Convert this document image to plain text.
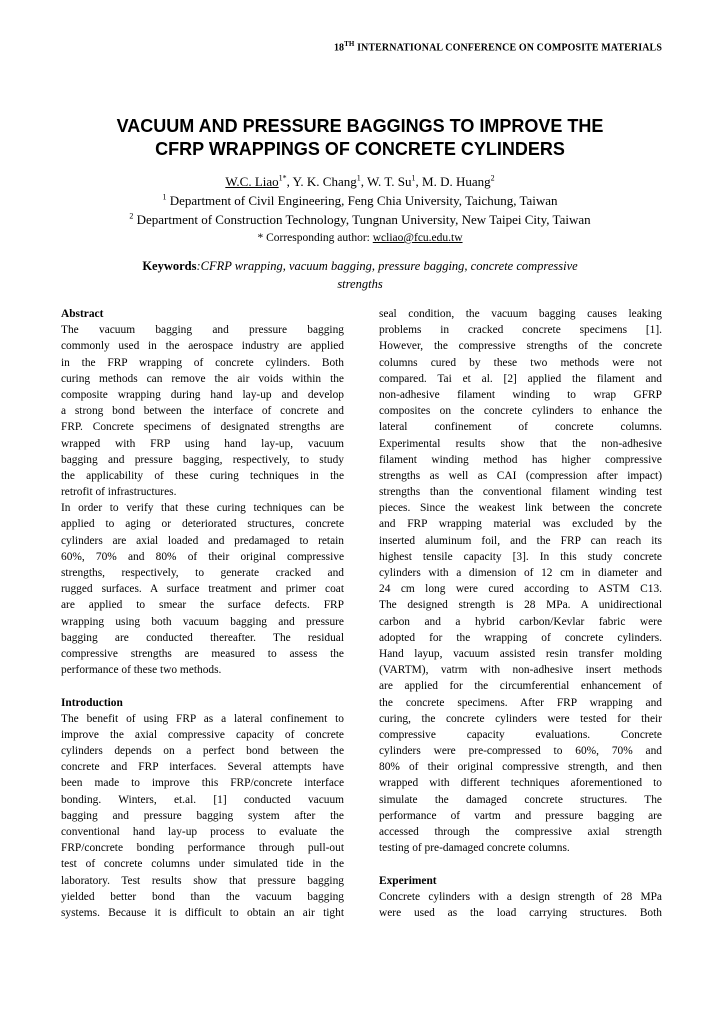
18TH INTERNATIONAL CONFERENCE ON COMPOSITE MATERIALS
VACUUM AND PRESSURE BAGGINGS TO IMPROVE THE
CFRP WRAPPINGS OF CONCRETE CYLINDERS
W.C. Liao$^{1*}$, Y. K. Chang$^1$, W. T. Su$^1$, M. D. Huang$^2$
$^1$ Department of Civil Engineering, Feng Chia University, Taichung, Taiwan
$^2$ Department of Construction Technology, Tungnan University, New Taipei City, Taiwan
* Corresponding author: wcliao@fcu.edu.tw
Keywords:CFRP wrapping, vacuum bagging, pressure bagging, concrete compressive
strengths
Abstract
The vacuum bagging and pressure bagging
commonly used in the aerospace industry are applied
in the FRP wrapping of concrete cylinders. Both
curing methods can remove the air voids within the
composite wrapping during hand lay-up and develop
a strong bond between the interface of concrete and
FRP. Concrete specimens of designated strengths are
wrapped with FRP using hand lay-up, vacuum
bagging and pressure bagging, respectively, to study
the applicability of these curing techniques in the
retrofit of infrastructures.
In order to verify that these curing techniques can be
applied to aging or deteriorated structures, concrete
cylinders are axial loaded and predamaged to retain
60%, 70% and 80% of their original compressive
strengths, respectively, to generate cracked and
rugged surfaces. A surface treatment and primer coat
are applied to smear the surface defects. FRP
wrapping using both vacuum bagging and pressure
bagging are conducted thereafter. The residual
compressive strengths are measured to assess the
performance of these two methods.
Introduction
The benefit of using FRP as a lateral confinement to
improve the axial compressive capacity of concrete
cylinders depends on a perfect bond between the
concrete and FRP interfaces. Several attempts have
been made to improve this FRP/concrete interface
bonding. Winters, et.al. [1] conducted vacuum
bagging and pressure bagging system after the
conventional hand lay-up process to evaluate the
FRP/concrete bonding performance through pull-out
test of concrete columns under simulated tide in the
laboratory. Test results show that pressure bagging
yielded better bond than the vacuum bagging
systems. Because it is difficult to obtain an air tight
seal condition, the vacuum bagging causes leaking
problems in cracked concrete specimens [1].
However, the compressive strengths of the concrete
columns cured by these two methods were not
compared. Tai et al. [2] applied the filament and
non-adhesive filament winding to wrap GFRP
composites on the concrete cylinders to enhance the
lateral confinement of concrete columns.
Experimental results show that the non-adhesive
filament winding method has higher compressive
strengths as well as CAI (compression after impact)
strengths than the conventional filament winding test
pieces. Since the weakest link between the concrete
and FRP wrapping material was excluded by the
inserted aluminum foil, and the FRP can reach its
highest tensile capacity [3]. In this study concrete
cylinders with a dimension of 12 cm in diameter and
24 cm long were cured according to ASTM C13.
The designed strength is 28 MPa. A unidirectional
carbon and a hybrid carbon/Kevlar fabric were
adopted for the wrapping of concrete cylinders.
Hand layup, vacuum assisted resin transfer molding
(VARTM), vatrm with non-adhesive insert methods
are applied for the circumferential enhancement of
the concrete specimens. After FRP wrapping and
curing, the concrete cylinders were tested for their
compressive capacity evaluations. Concrete
cylinders were pre-compressed to 60%, 70% and
80% of their original compressive strength, and then
wrapped with different techniques aforementioned to
simulate the damaged concrete structures. The
performance of vartm and pressure bagging are
accessed through the compressive axial strength
testing of pre-damaged concrete columns.
Experiment
Concrete cylinders with a design strength of 28 MPa
were used as the load carrying structures. Both
